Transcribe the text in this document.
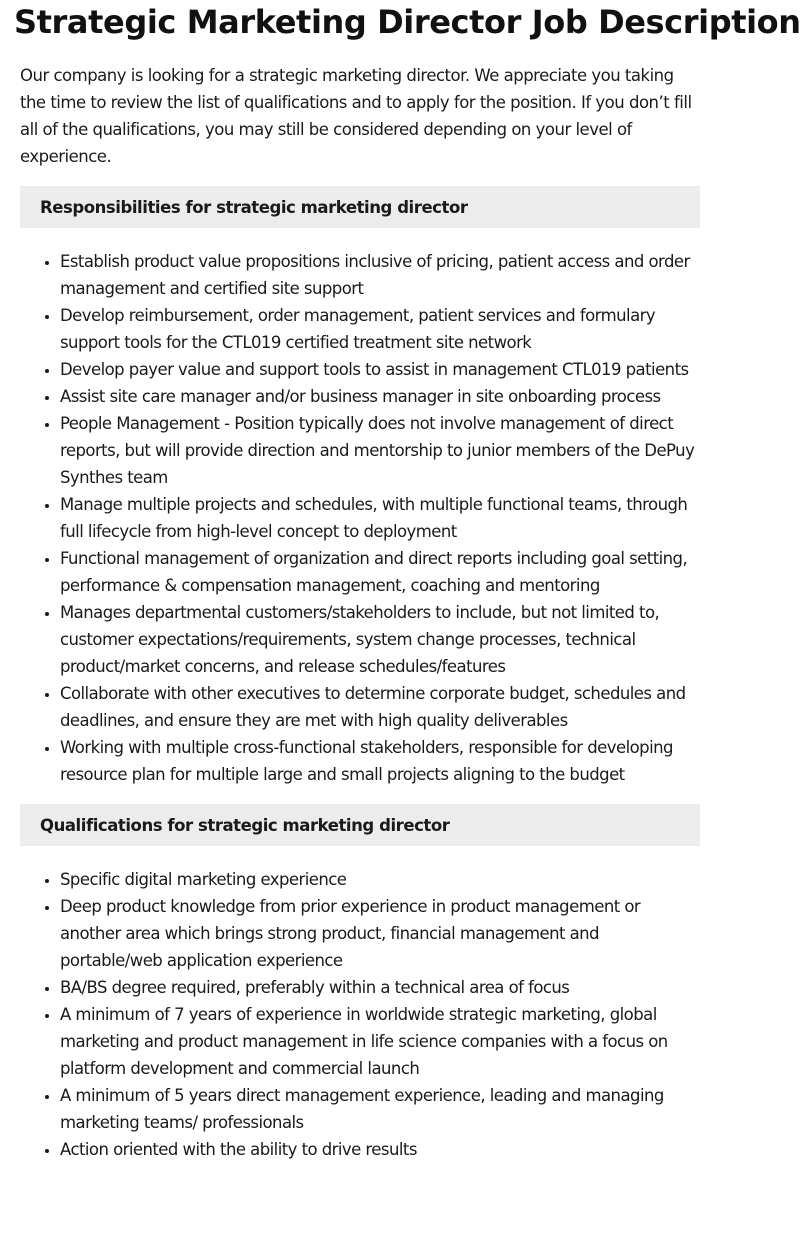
Strategic Marketing Director Job Description

Our company is looking for a strategic marketing director. We appreciate you taking the time to review the list of qualifications and to apply for the position. If you don’t fill all of the qualifications, you may still be considered depending on your level of experience.

Responsibilities for strategic marketing director
• Establish product value propositions inclusive of pricing, patient access and order management and certified site support
• Develop reimbursement, order management, patient services and formulary support tools for the CTL019 certified treatment site network
• Develop payer value and support tools to assist in management CTL019 patients
• Assist site care manager and/or business manager in site onboarding process
• People Management - Position typically does not involve management of direct reports, but will provide direction and mentorship to junior members of the DePuy Synthes team
• Manage multiple projects and schedules, with multiple functional teams, through full lifecycle from high-level concept to deployment
• Functional management of organization and direct reports including goal setting, performance & compensation management, coaching and mentoring
• Manages departmental customers/stakeholders to include, but not limited to, customer expectations/requirements, system change processes, technical product/market concerns, and release schedules/features
• Collaborate with other executives to determine corporate budget, schedules and deadlines, and ensure they are met with high quality deliverables
• Working with multiple cross-functional stakeholders, responsible for developing resource plan for multiple large and small projects aligning to the budget
Qualifications for strategic marketing director
• Specific digital marketing experience
• Deep product knowledge from prior experience in product management or another area which brings strong product, financial management and portable/web application experience
• BA/BS degree required, preferably within a technical area of focus
• A minimum of 7 years of experience in worldwide strategic marketing, global marketing and product management in life science companies with a focus on platform development and commercial launch
• A minimum of 5 years direct management experience, leading and managing marketing teams/ professionals
• Action oriented with the ability to drive results
